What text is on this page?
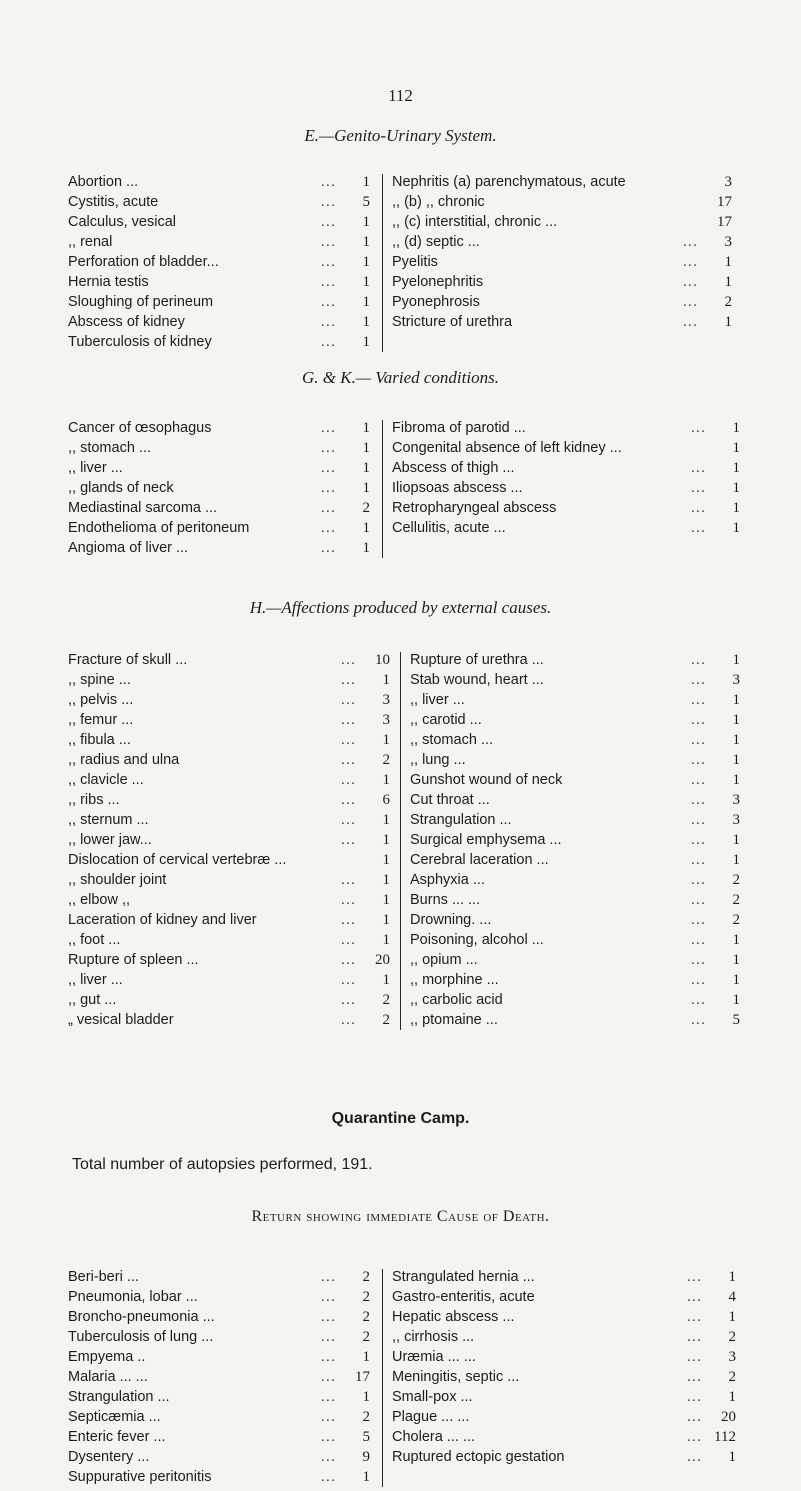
112
E.—Genito-Urinary System.
Abortion ...	...	1
Cystitis, acute	...	5
Calculus, vesical	...	1
,, renal	...	1
Perforation of bladder...	...	1
Hernia testis	...	1
Sloughing of perineum	...	1
Abscess of kidney	...	1
Tuberculosis of kidney	...	1
Nephritis (a) parenchymatous, acute	3
,, (b) ,, chronic	17
,, (c) interstitial, chronic ...	17
,, (d) septic ...	...	3
Pyelitis	...	1
Pyelonephritis	...	1
Pyonephrosis	...	2
Stricture of urethra	...	1
G. & K.— Varied conditions.
Cancer of œsophagus	...	1
,, stomach ...	...	1
,, liver ...	...	1
,, glands of neck	...	1
Mediastinal sarcoma ...	...	2
Endothelioma of peritoneum	...	1
Angioma of liver ...	...	1
Fibroma of parotid ...	...	1
Congenital absence of left kidney ...	1
Abscess of thigh ...	...	1
Iliopsoas abscess ...	...	1
Retropharyngeal abscess	...	1
Cellulitis, acute ...	...	1
H.—Affections produced by external causes.
Fracture of skull ...	...	10
,, spine ...	...	1
,, pelvis ...	...	3
,, femur ...	...	3
,, fibula ...	...	1
,, radius and ulna	...	2
,, clavicle ...	...	1
,, ribs ...	...	6
,, sternum ...	...	1
,, lower jaw...	...	1
Dislocation of cervical vertebræ ...	1
,, shoulder joint	...	1
,, elbow ,,	...	1
Laceration of kidney and liver	...	1
,, foot ...	...	1
Rupture of spleen ...	...	20
,, liver ...	...	1
,, gut ...	...	2
„ vesical bladder	...	2
Rupture of urethra ...	...	1
Stab wound, heart ...	...	3
,, liver ...	...	1
,, carotid ...	...	1
,, stomach ...	...	1
,, lung ...	...	1
Gunshot wound of neck	...	1
Cut throat ...	...	3
Strangulation ...	...	3
Surgical emphysema ...	...	1
Cerebral laceration ...	...	1
Asphyxia ...	...	2
Burns ... ...	...	2
Drowning. ...	...	2
Poisoning, alcohol ...	...	1
,, opium ...	...	1
,, morphine ...	...	1
,, carbolic acid	...	1
,, ptomaine ...	...	5
Quarantine Camp.
Total number of autopsies performed, 191.
Return showing immediate Cause of Death.
Beri-beri ...	...	2
Pneumonia, lobar ...	...	2
Broncho-pneumonia ...	...	2
Tuberculosis of lung ...	...	2
Empyema ..	...	1
Malaria ... ...	...	17
Strangulation ...	...	1
Septicæmia ...	...	2
Enteric fever ...	...	5
Dysentery ...	...	9
Suppurative peritonitis	...	1
Strangulated hernia ...	...	1
Gastro-enteritis, acute	...	4
Hepatic abscess ...	...	1
,, cirrhosis ...	...	2
Uræmia ... ...	...	3
Meningitis, septic ...	...	2
Small-pox ...	...	1
Plague ... ...	...	20
Cholera ... ...	... 112
Ruptured ectopic gestation	...	1
